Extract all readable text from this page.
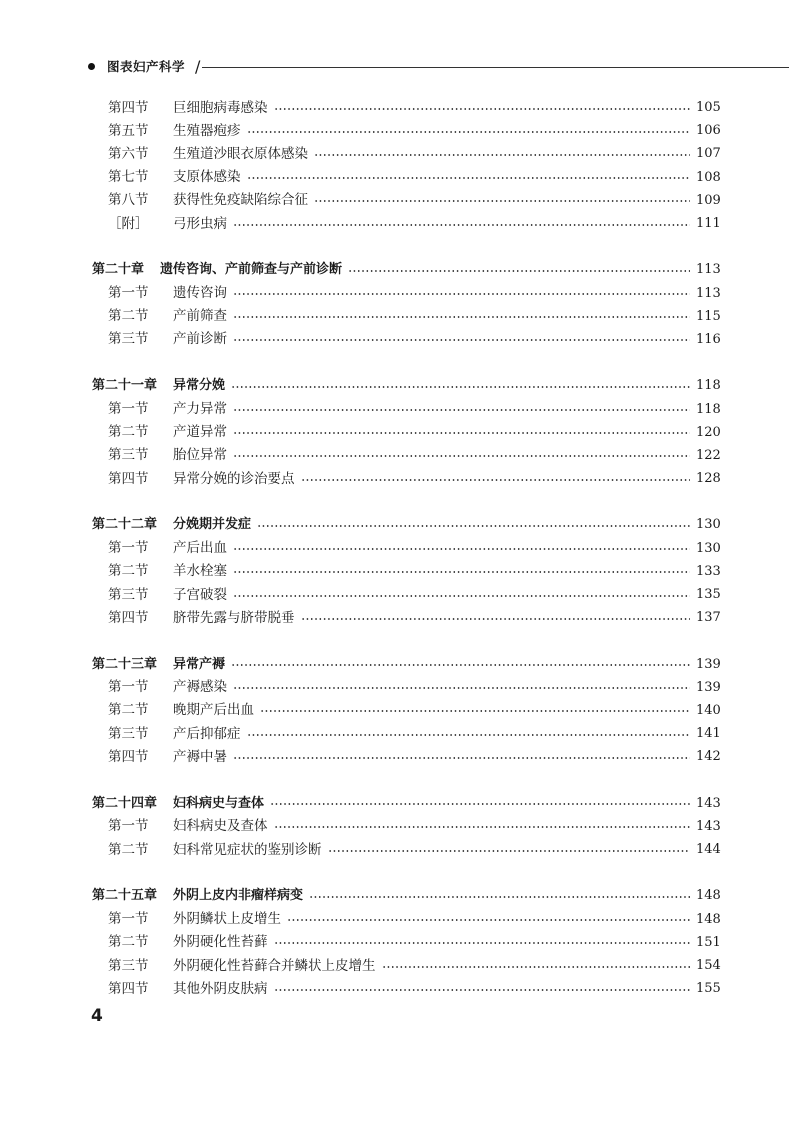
图表妇产科学 /
第四节	巨细胞病毒感染	105
第五节	生殖器疱疹	106
第六节	生殖道沙眼衣原体感染	107
第七节	支原体感染	108
第八节	获得性免疫缺陷综合征	109
［附］	弓形虫病	111
第二十章 遗传咨询、产前筛查与产前诊断	113
第一节	遗传咨询	113
第二节	产前筛查	115
第三节	产前诊断	116
第二十一章 异常分娩	118
第一节	产力异常	118
第二节	产道异常	120
第三节	胎位异常	122
第四节	异常分娩的诊治要点	128
第二十二章 分娩期并发症	130
第一节	产后出血	130
第二节	羊水栓塞	133
第三节	子宫破裂	135
第四节	脐带先露与脐带脱垂	137
第二十三章 异常产褥	139
第一节	产褥感染	139
第二节	晚期产后出血	140
第三节	产后抑郁症	141
第四节	产褥中暑	142
第二十四章 妇科病史与查体	143
第一节	妇科病史及查体	143
第二节	妇科常见症状的鉴别诊断	144
第二十五章 外阴上皮内非瘤样病变	148
第一节	外阴鳞状上皮增生	148
第二节	外阴硬化性苔藓	151
第三节	外阴硬化性苔藓合并鳞状上皮增生	154
第四节	其他外阴皮肤病	155
4
